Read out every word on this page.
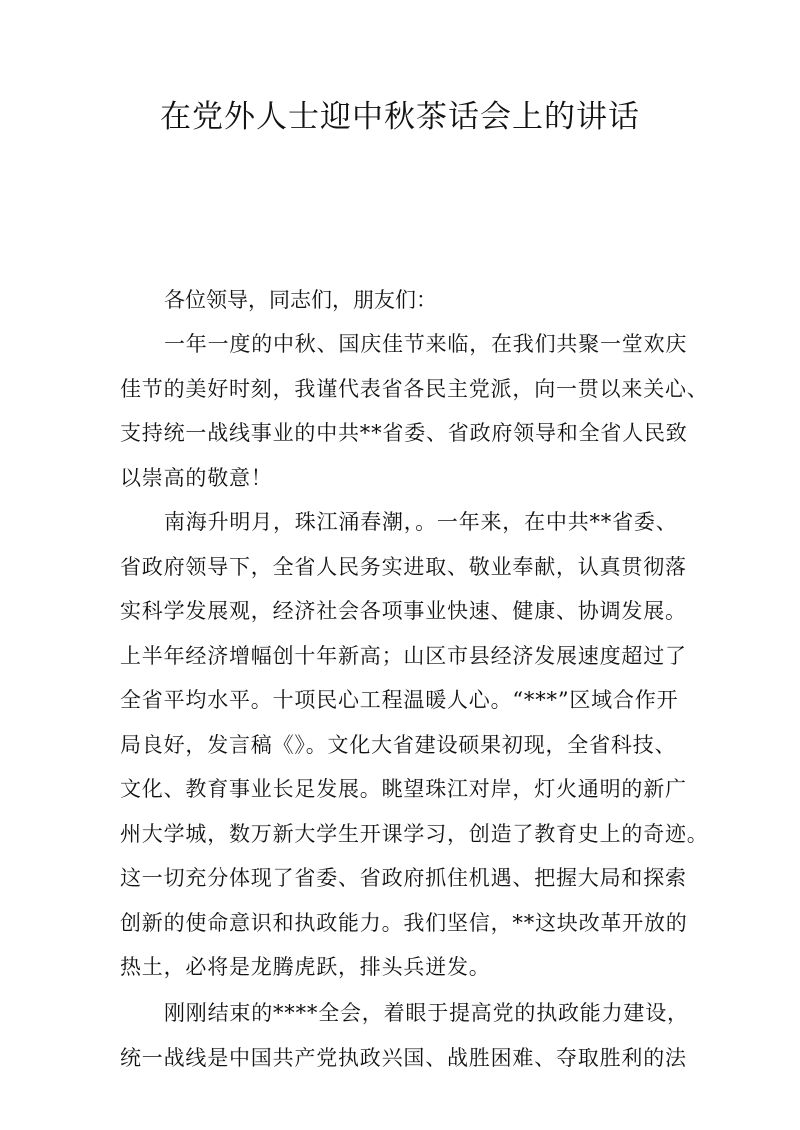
在党外人士迎中秋茶话会上的讲话

各位领导，同志们，朋友们：

一年一度的中秋、国庆佳节来临，在我们共聚一堂欢庆
佳节的美好时刻，我谨代表省各民主党派，向一贯以来关心、
支持统一战线事业的中共**省委、省政府领导和全省人民致
以崇高的敬意！
南海升明月，珠江涌春潮，。一年来，在中共**省委、
省政府领导下，全省人民务实进取、敬业奉献，认真贯彻落
实科学发展观，经济社会各项事业快速、健康、协调发展。
上半年经济增幅创十年新高；山区市县经济发展速度超过了
全省平均水平。十项民心工程温暖人心。“***”区域合作开
局良好，发言稿《》。文化大省建设硕果初现，全省科技、
文化、教育事业长足发展。眺望珠江对岸，灯火通明的新广
州大学城，数万新大学生开课学习，创造了教育史上的奇迹。
这一切充分体现了省委、省政府抓住机遇、把握大局和探索
创新的使命意识和执政能力。我们坚信，**这块改革开放的
热土，必将是龙腾虎跃，排头兵迸发。
刚刚结束的****全会，着眼于提高党的执政能力建设，
统一战线是中国共产党执政兴国、战胜困难、夺取胜利的法
